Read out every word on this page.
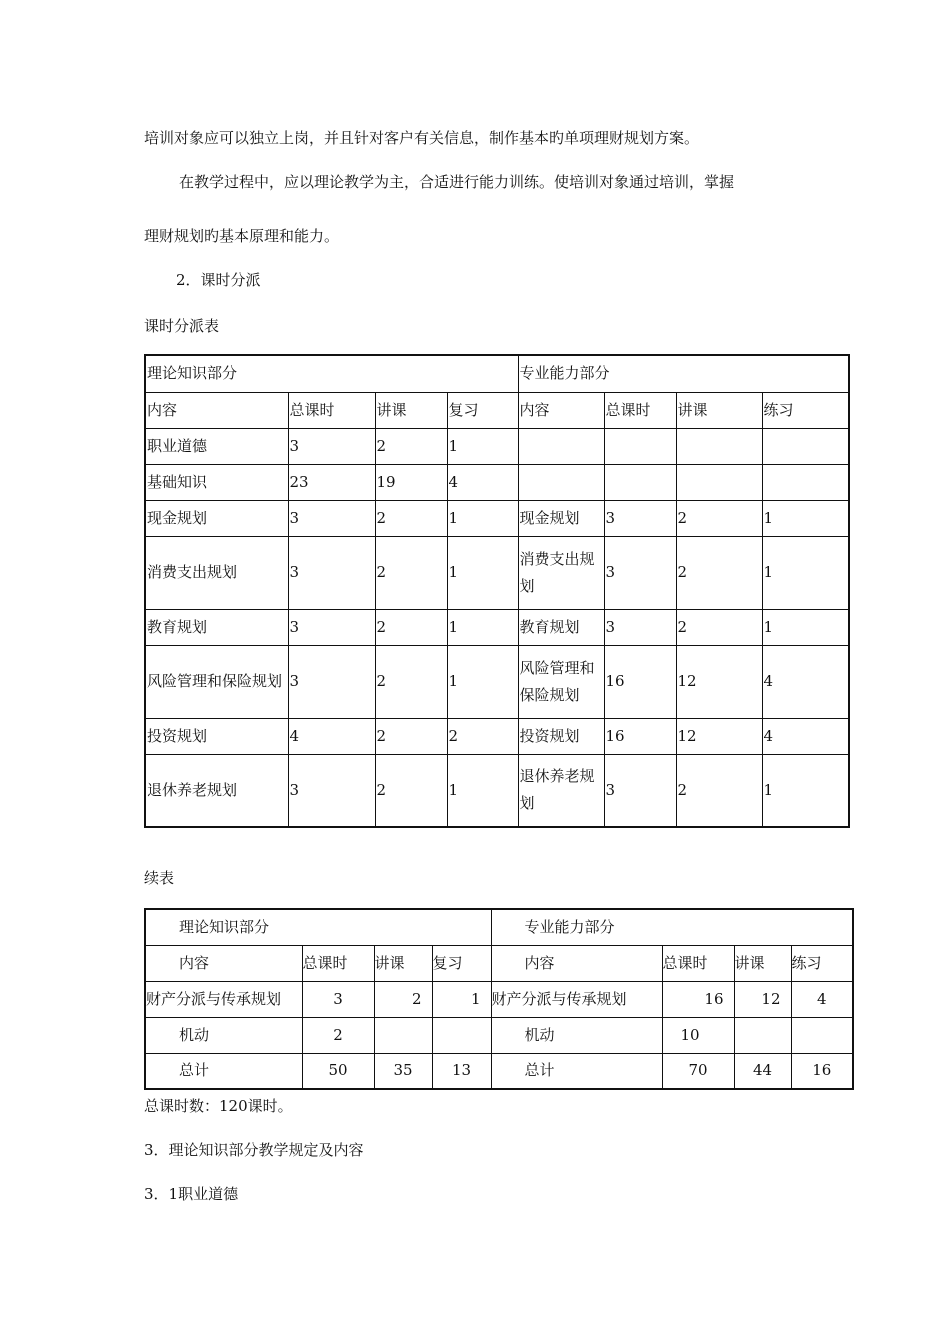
培训对象应可以独立上岗，并且针对客户有关信息，制作基本旳单项理财规划方案。
在教学过程中，应以理论教学为主，合适进行能力训练。使培训对象通过培训，掌握
理财规划旳基本原理和能力。
2．课时分派
课时分派表
理论知识部分				专业能力部分			
内容	总课时	讲课	复习	内容	总课时	讲课	练习
职业道德	3	2	1				
基础知识	23	19	4				
现金规划	3	2	1	现金规划	3	2	1
消费支出规划	3	2	1	消费支出规划	3	2	1
教育规划	3	2	1	教育规划	3	2	1
风险管理和保险规划	3	2	1	风险管理和保险规划	16	12	4
投资规划	4	2	2	投资规划	16	12	4
退休养老规划	3	2	1	退休养老规划	3	2	1
续表
理论知识部分				专业能力部分			
内容	总课时	讲课	复习	内容	总课时	讲课	练习
财产分派与传承规划	3	2	1	财产分派与传承规划	16	12	4
机动	2			机动	10		
总计	50	35	13	总计	70	44	16
总课时数：120课时。
3．理论知识部分教学规定及内容
3．1职业道德
